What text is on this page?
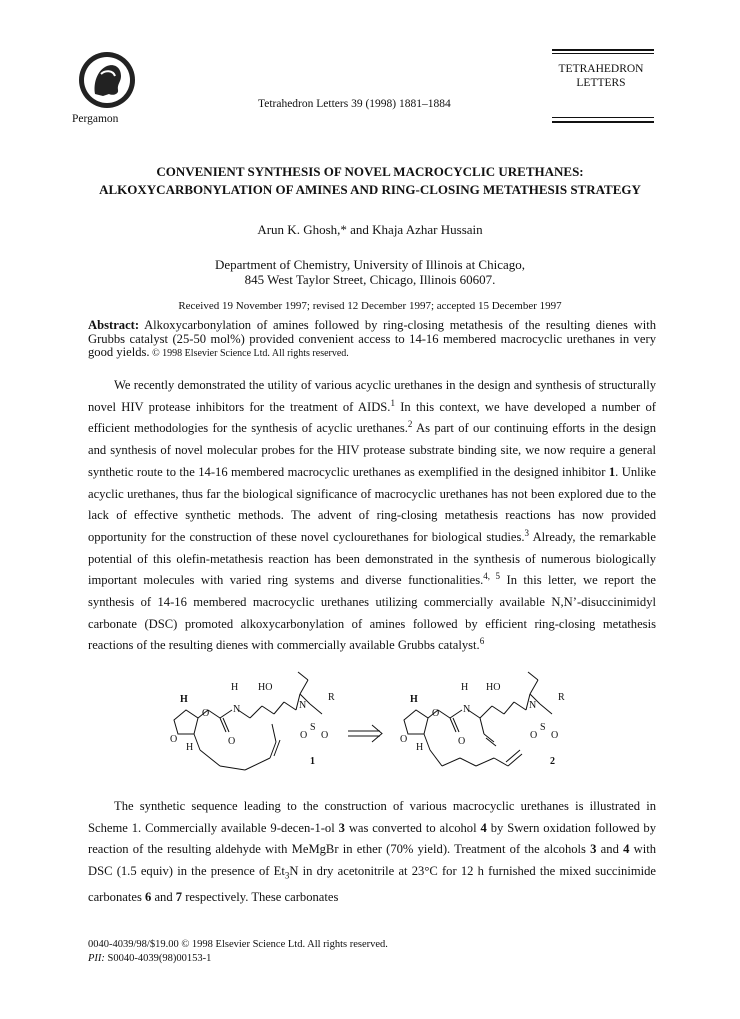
Pergamon
Tetrahedron Letters 39 (1998) 1881–1884
TETRAHEDRON
LETTERS
CONVENIENT SYNTHESIS OF NOVEL MACROCYCLIC URETHANES:
ALKOXYCARBONYLATION OF AMINES AND RING-CLOSING METATHESIS STRATEGY
Arun K. Ghosh,* and Khaja Azhar Hussain
Department of Chemistry, University of Illinois at Chicago,
845 West Taylor Street, Chicago, Illinois 60607.
Received 19 November 1997; revised 12 December 1997; accepted 15 December 1997
Abstract: Alkoxycarbonylation of amines followed by ring-closing metathesis of the resulting dienes with Grubbs catalyst (25-50 mol%) provided convenient access to 14-16 membered macrocyclic urethanes in very good yields. © 1998 Elsevier Science Ltd. All rights reserved.

We recently demonstrated the utility of various acyclic urethanes in the design and synthesis of structurally novel HIV protease inhibitors for the treatment of AIDS.$^1$ In this context, we have developed a number of efficient methodologies for the synthesis of acyclic urethanes.$^2$ As part of our continuing efforts in the design and synthesis of novel molecular probes for the HIV protease substrate binding site, we now require a general synthetic route to the 14-16 membered macrocyclic urethanes as exemplified in the designed inhibitor 1. Unlike acyclic urethanes, thus far the biological significance of macrocyclic urethanes has not been explored due to the lack of effective synthetic methods. The advent of ring-closing metathesis reactions has now provided opportunity for the construction of these novel cyclourethanes for biological studies.$^3$ Already, the remarkable potential of this olefin-metathesis reaction has been demonstrated in the synthesis of numerous biologically important molecules with varied ring systems and diverse functionalities.$^{4, 5}$ In this letter, we report the synthesis of 14-16 membered macrocyclic urethanes utilizing commercially available N,N’-disuccinimidyl carbonate (DSC) promoted alkoxycarbonylation of amines followed by efficient ring-closing metathesis reactions of the resulting dienes with commercially available Grubbs catalyst.$^6$

H
O
O
H
N
HO
O
H
N
R
S
O
O
1
H
O
O
H
N
HO
O
H
N
R
S
O
O
2

The synthetic sequence leading to the construction of various macrocyclic urethanes is illustrated in Scheme 1. Commercially available 9-decen-1-ol 3 was converted to alcohol 4 by Swern oxidation followed by reaction of the resulting aldehyde with MeMgBr in ether (70% yield). Treatment of the alcohols 3 and 4 with DSC (1.5 equiv) in the presence of $Et_3N$ in dry acetonitrile at 23°C for 12 h furnished the mixed succinimide carbonates 6 and 7 respectively. These carbonates

0040-4039/98/$19.00 © 1998 Elsevier Science Ltd. All rights reserved.
PII: S0040-4039(98)00153-1
